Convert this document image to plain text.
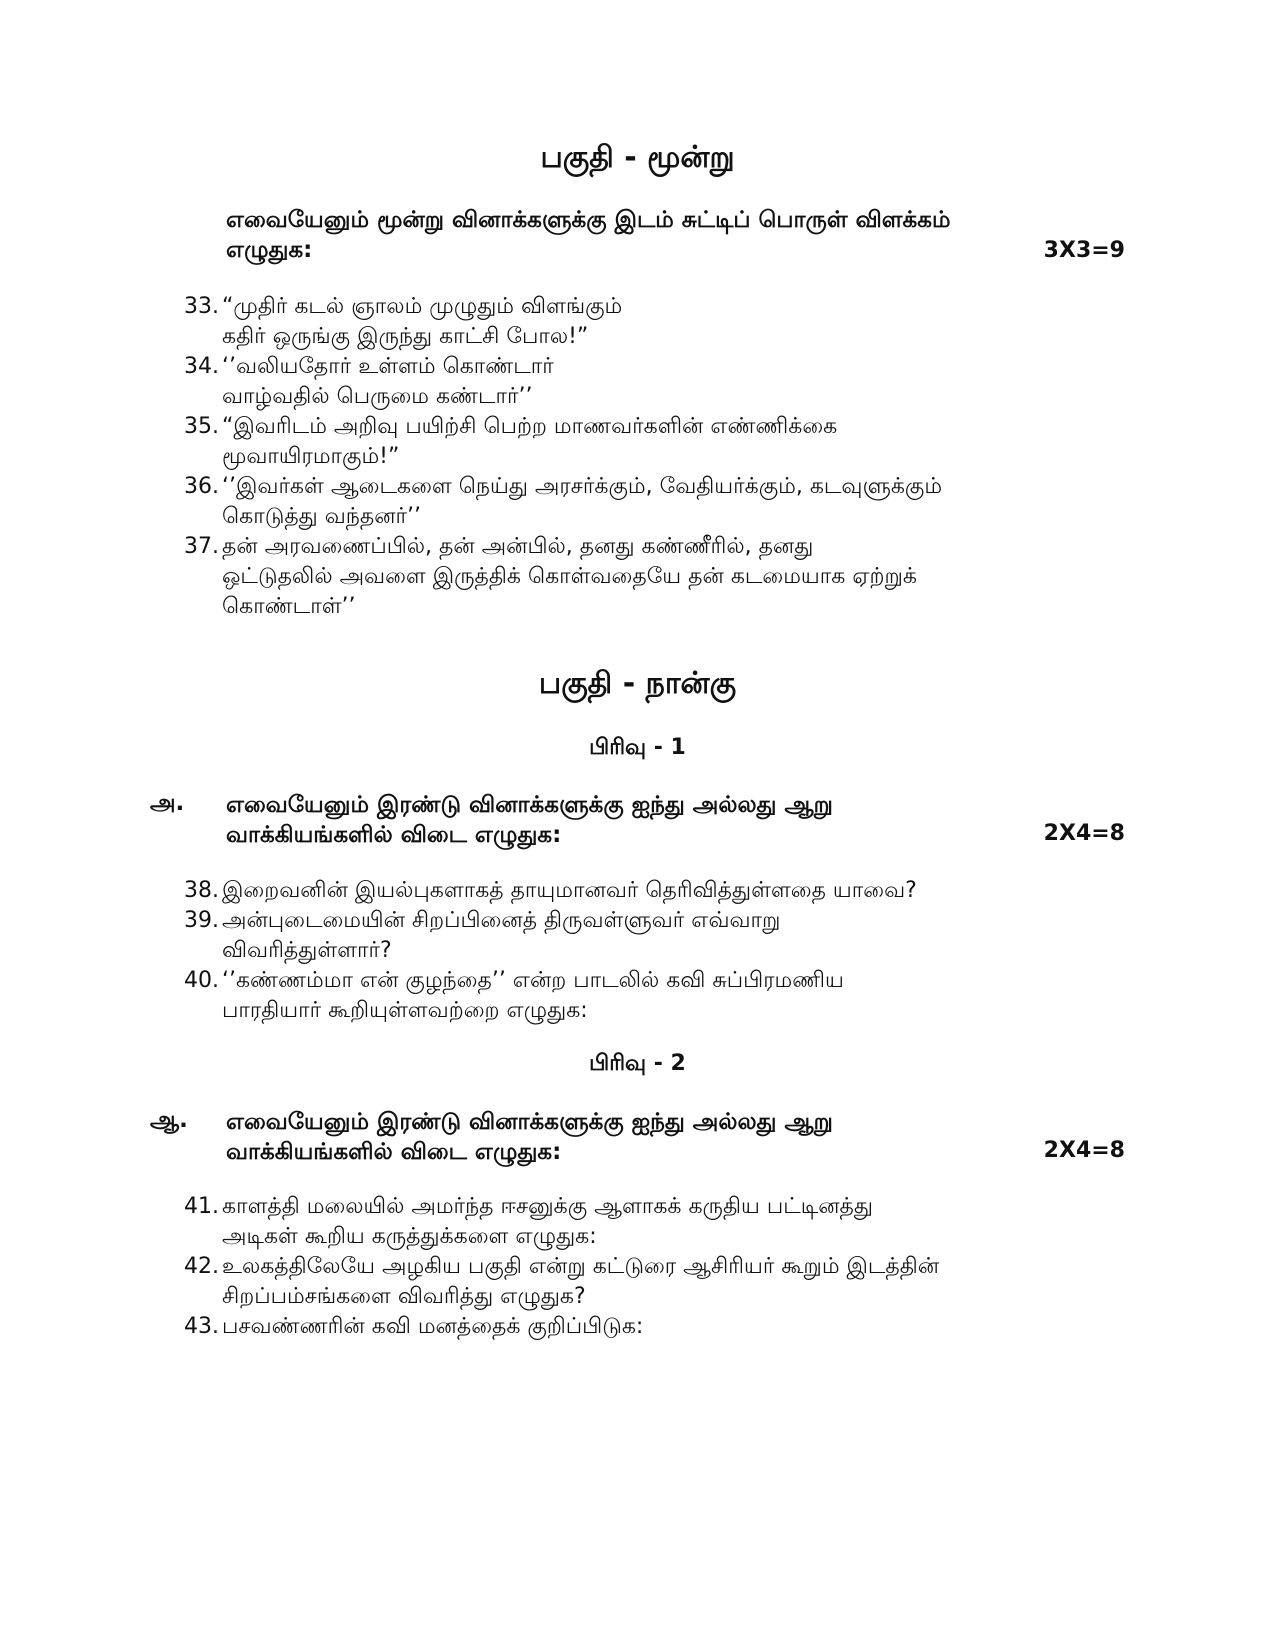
பகுதி - மூன்று
எவையேனும் மூன்று வினாக்களுக்கு இடம் சுட்டிப் பொருள் விளக்கம்
எழுதுக:	3X3=9
33. “முதிர் கடல் ஞாலம் முழுதும் விளங்கும்
கதிர் ஒருங்கு இருந்து காட்சி போல!”
34. ‘’வலியதோர் உள்ளம் கொண்டார்
வாழ்வதில் பெருமை கண்டார்’’
35. “இவரிடம் அறிவு பயிற்சி பெற்ற மாணவர்களின் எண்ணிக்கை
மூவாயிரமாகும்!”
36. ‘’இவர்கள் ஆடைகளை நெய்து அரசர்க்கும், வேதியர்க்கும், கடவுளுக்கும்
கொடுத்து வந்தனர்’’
37. தன் அரவணைப்பில், தன் அன்பில், தனது கண்ணீரில், தனது
ஒட்டுதலில் அவளை இருத்திக் கொள்வதையே தன் கடமையாக ஏற்றுக்
கொண்டாள்’’
பகுதி - நான்கு
பிரிவு - 1
அ. எவையேனும் இரண்டு வினாக்களுக்கு ஐந்து அல்லது ஆறு
வாக்கியங்களில் விடை எழுதுக:	2X4=8
38. இறைவனின் இயல்புகளாகத் தாயுமானவர் தெரிவித்துள்ளதை யாவை?
39. அன்புடைமையின் சிறப்பினைத் திருவள்ளுவர் எவ்வாறு
விவரித்துள்ளார்?
40. ‘’கண்ணம்மா என் குழந்தை’’ என்ற பாடலில் கவி சுப்பிரமணிய
பாரதியார் கூறியுள்ளவற்றை எழுதுக:
பிரிவு - 2
ஆ. எவையேனும் இரண்டு வினாக்களுக்கு ஐந்து அல்லது ஆறு
வாக்கியங்களில் விடை எழுதுக:	2X4=8
41. காளத்தி மலையில் அமர்ந்த ஈசனுக்கு ஆளாகக் கருதிய பட்டினத்து
அடிகள் கூறிய கருத்துக்களை எழுதுக:
42. உலகத்திலேயே அழகிய பகுதி என்று கட்டுரை ஆசிரியர் கூறும் இடத்தின்
சிறப்பம்சங்களை விவரித்து எழுதுக?
43. பசவண்ணரின் கவி மனத்தைக் குறிப்பிடுக:
